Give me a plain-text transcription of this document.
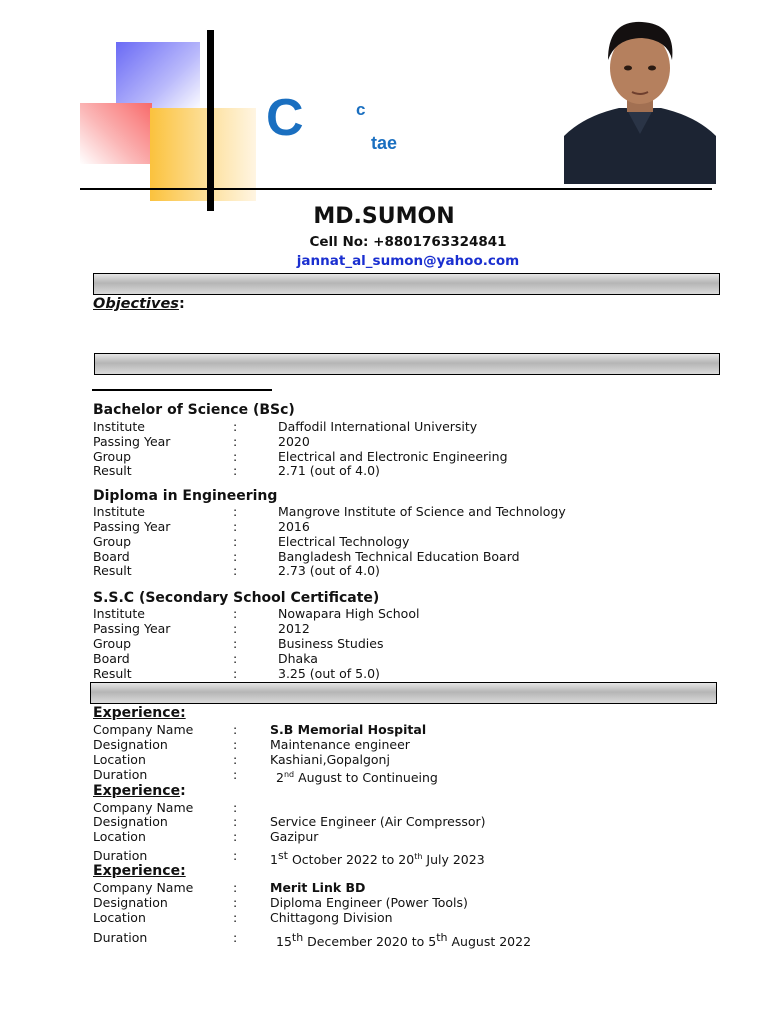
C	c
tae
MD.SUMON
Cell No: +8801763324841
jannat_al_sumon@yahoo.com
Objectives:
Bachelor of Science (BSc)
Institute	:	Daffodil International University
Passing Year	:	2020
Group	:	Electrical and Electronic Engineering
Result	:	2.71 (out of 4.0)
Diploma in Engineering
Institute	:	Mangrove Institute of Science and Technology
Passing Year	:	2016
Group	:	Electrical Technology
Board	:	Bangladesh Technical Education Board
Result	:	2.73 (out of 4.0)
S.S.C (Secondary School Certificate)
Institute	:	Nowapara High School
Passing Year	:	2012
Group	:	Business Studies
Board	:	Dhaka
Result	:	3.25 (out of 5.0)
Experience:
Company Name	:	S.B Memorial Hospital
Designation	:	Maintenance engineer
Location	:	Kashiani,Gopalgonj
Duration	:	2nd August to Continueing
Experience:
Company Name	:
Designation	:	Service Engineer (Air Compressor)
Location	:	Gazipur
Duration	:	1st October 2022 to 20th July 2023
Experience:
Company Name	:	Merit Link BD
Designation	:	Diploma Engineer (Power Tools)
Location	:	Chittagong Division
Duration	:	15th December 2020 to 5th August 2022
